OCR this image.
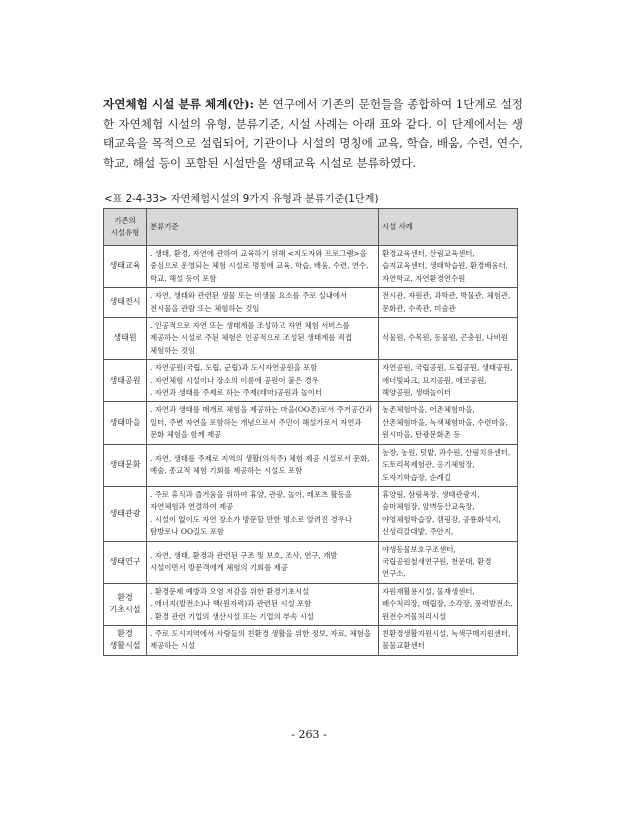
자연체험 시설 분류 체계(안): 본 연구에서 기존의 문헌들을 종합하여 1단계로 설정한 자연체험 시설의 유형, 분류기준, 시설 사례는 아래 표와 같다. 이 단계에서는 생태교육을 목적으로 설립되어, 기관이나 시설의 명칭에 교육, 학습, 배움, 수련, 연수, 학교, 해설 등이 포함된 시설만을 생태교육 시설로 분류하였다.

<표 2-4-33> 자연체험시설의 9가지 유형과 분류기준(1단계)

기존의 시설유형	분류기준	시설 사례
생태교육	. 생태, 환경, 자연에 관하여 교육하기 위해 <지도자와 프로그램>을 중심으로 운영되는 체험 시설로 명칭에 교육, 학습, 배움, 수련, 연수, 학교, 해설 등이 포함	환경교육센터, 산림교육센터, 습지교육센터, 생태학습원, 환경배움터, 자연학교, 자연환경연수원
생태전시	. 자연, 생태와 관련된 생물 또는 비생물 요소를 주로 실내에서 전시물을 관람 또는 체험하는 것임	전시관, 자원관, 과학관, 박물관, 체험관, 문화관, 수족관, 미술관
생태원	. 인공적으로 자연 또는 생태계를 조성하고 자연 체험 서비스를 제공하는 시설로 주된 체험은 인공적으로 조성된 생태계를 직접 체험하는 것임	식물원, 수목원, 동물원, 곤충원, 나비원
생태공원	. 자연공원(국립, 도립, 군립)과 도시자연공원을 포함
. 자연체험 시설이나 장소의 이름에 공원이 붙은 경우
. 자연과 생태를 주제로 하는 주제(테마)공원과 놀이터	자연공원, 국립공원, 도립공원, 생태공원, 에너빛파크, 묘지공원, 에코공원, 해양공원, 생태놀이터
생태마을	. 자연과 생태를 매개로 체험을 제공하는 마을(OO촌)로서 주거공간과 일터, 주변 자연을 포함하는 개념으로서 주민이 해설가로서 자연과 문화 체험을 함께 제공	농촌체험마을, 어촌체험마을, 산촌체험마을, 녹색체험마을, 수련마을, 원시마을, 탄광문화촌 등
생태문화	. 자연, 생태를 주제로 지역의 생활(의식주) 체험 제공 시설로서 문화, 예술, 종교적 체험 기회를 제공하는 시설도 포함	농장, 농원, 텃밭, 과수원, 산림치유센터, 도토리목제험관, 옹기체험장, 도자기학습장, 순례길
생태관광	. 주로 휴식과 즐거움을 위하여 휴양, 관광, 놀이, 레포츠 활동을 자연체험과 연결하여 제공
. 시설이 없이도 자연 장소가 방문할 만한 명소로 알려진 경우나 탐방로나 OO길도 포함	휴양림, 삼림욕장, 생태관광지, 숲마체험장, 암벽등산교육장, 야영체험학습장, 캠핑장, 공룡화석지, 신성리갈대밭, 주안지,
생태연구	. 자연, 생태, 환경과 관련된 구조 및 보호, 조사, 연구, 개발 시설이면서 방문객에게 체험의 기회를 제공	야생동물보호구조센터, 국립공원철새연구원, 천문대, 환경 연구소,
환경 기초시설	. 환경문제 예방과 오염 저감을 위한 환경기초시설
. 에너지(발전소)나 핵(원자력)과 관련된 시설 포함
. 환경 관련 기업의 생산시설 또는 기업의 부속 시설	자원재활용시설, 물재생센터, 폐수처리장, 매립장, 소각장, 풍력발전소, 원전수거물처리시설
환경 생활시설	. 주로 도시지역에서 사람들의 친환경 생활을 위한 정보, 자료, 체험을 제공하는 시설	친환경생활지원시설, 녹색구매지원센터, 물물교환센터

- 263 -
